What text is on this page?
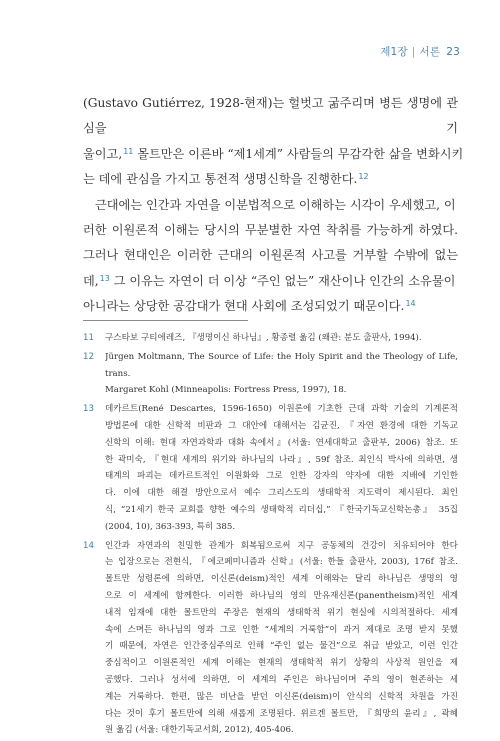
제1장 | 서론 23

(Gustavo Gutiérrez, 1928-현재)는 헐벗고 굶주리며 병든 생명에 관심을 기
울이고,$^{11}$ 몰트만은 이른바 “제1세계” 사람들의 무감각한 삶을 변화시키
는 데에 관심을 가지고 통전적 생명신학을 진행한다.$^{12}$

근대에는 인간과 자연을 이분법적으로 이해하는 시각이 우세했고, 이
러한 이원론적 이해는 당시의 무분별한 자연 착취를 가능하게 하였다.
그러나 현대인은 이러한 근대의 이원론적 사고를 거부할 수밖에 없는
데,$^{13}$ 그 이유는 자연이 더 이상 “주인 없는” 재산이나 인간의 소유물이
아니라는 상당한 공감대가 현대 사회에 조성되었기 때문이다.$^{14}$

11 구스타보 구티에레즈, 『생명이신 하나님』, 황종렬 옮김 (왜관: 분도 출판사, 1994).
12 Jürgen Moltmann, The Source of Life: the Holy Spirit and the Theology of Life, trans.
Margaret Kohl (Minneapolis: Fortress Press, 1997), 18.
13 데카르트(René Descartes, 1596-1650) 이원론에 기초한 근대 과학 기술의 기계론적
방법론에 대한 신학적 비판과 그 대안에 대해서는 김균진, 『자연 환경에 대한 기독교
신학의 이해: 현대 자연과학과 대화 속에서』(서울: 연세대학교 출판부, 2006) 참조. 또
한 곽미숙, 『현대 세계의 위기와 하나님의 나라』, 59f 참조. 최인식 박사에 의하면, 생
태계의 파괴는 데카르트적인 이원화와 그로 인한 강자의 약자에 대한 지배에 기인한
다. 이에 대한 해결 방안으로서 예수 그리스도의 생태학적 지도력이 제시된다. 최인
식, “21세기 한국 교회를 향한 예수의 생태학적 리더십,” 『한국기독교신학논총』 35집
(2004, 10), 363-393, 특히 385.
14 인간과 자연과의 친밀한 관계가 회복됨으로써 지구 공동체의 건강이 치유되어야 한다
는 입장으로는 전현식, 『에코페미니즘과 신학』(서울: 한들 출판사, 2003), 176f 참조.
몰트만 성령론에 의하면, 이신론(deism)적인 세계 이해와는 달리 하나님은 생명의 영
으로 이 세계에 함께한다. 이러한 하나님의 영의 만유재신론(panentheism)적인 세계
내적 임재에 대한 몰트만의 주장은 현재의 생태학적 위기 현실에 시의적절하다. 세계
속에 스며든 하나님의 영과 그로 인한 “세계의 거룩함”이 과거 제대로 조명 받지 못했
기 때문에, 자연은 인간중심주의로 인해 “주인 없는 물건”으로 취급 받았고, 이런 인간
중심적이고 이원론적인 세계 이해는 현재의 생태학적 위기 상황의 사상적 원인을 제
공했다. 그러나 성서에 의하면, 이 세계의 주인은 하나님이며 주의 영이 현존하는 세
계는 거룩하다. 한편, 많은 비난을 받던 이신론(deism)이 안식의 신학적 차원을 가진
다는 것이 후기 몰트만에 의해 새롭게 조명된다. 위르겐 몰트만, 『희망의 윤리』, 곽혜
원 옮김 (서울: 대한기독교서회, 2012), 405-406.
